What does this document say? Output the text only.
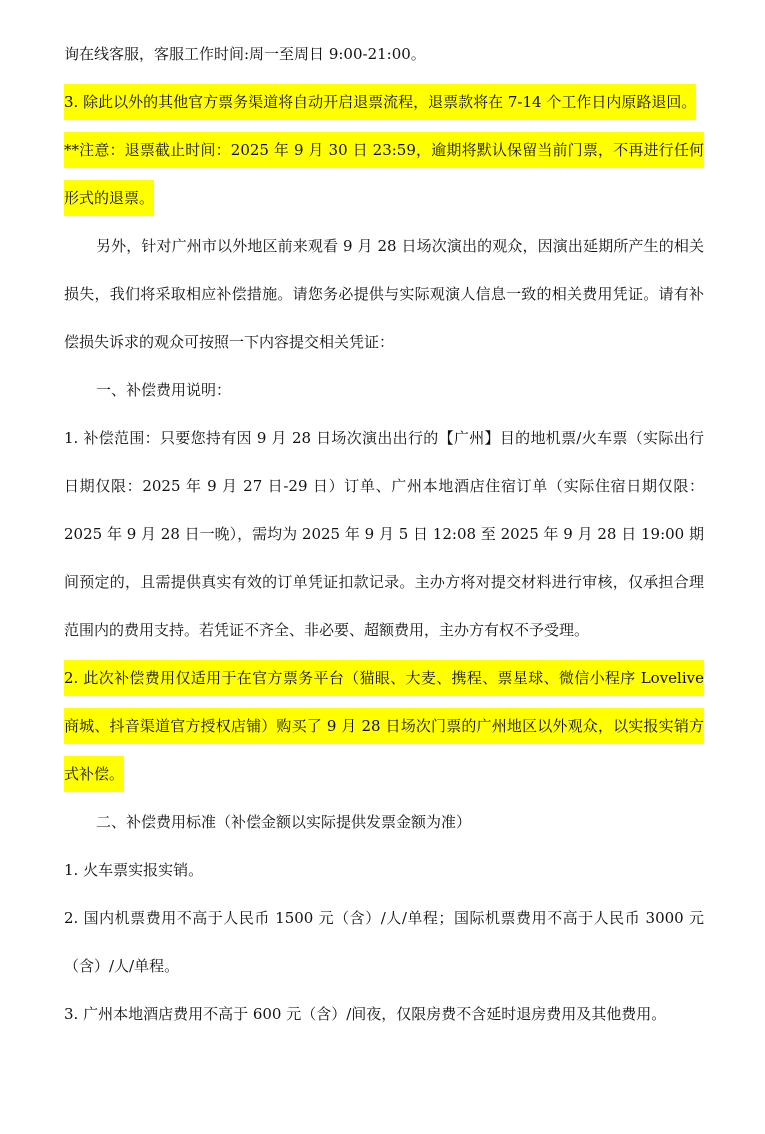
询在线客服，客服工作时间:周一至周日 9:00-21:00。

3. 除此以外的其他官方票务渠道将自动开启退票流程，退票款将在 7-14 个工作日内原路退回。

**注意：退票截止时间：2025 年 9 月 30 日 23:59，逾期将默认保留当前门票，不再进行任何形式的退票。

另外，针对广州市以外地区前来观看 9 月 28 日场次演出的观众，因演出延期所产生的相关损失，我们将采取相应补偿措施。请您务必提供与实际观演人信息一致的相关费用凭证。请有补偿损失诉求的观众可按照一下内容提交相关凭证：

一、补偿费用说明：

1. 补偿范围：只要您持有因 9 月 28 日场次演出出行的【广州】目的地机票/火车票（实际出行日期仅限：2025 年 9 月 27 日-29 日）订单、广州本地酒店住宿订单（实际住宿日期仅限：2025 年 9 月 28 日一晚），需均为 2025 年 9 月 5 日 12:08 至 2025 年 9 月 28 日 19:00 期间预定的，且需提供真实有效的订单凭证扣款记录。主办方将对提交材料进行审核，仅承担合理范围内的费用支持。若凭证不齐全、非必要、超额费用，主办方有权不予受理。

2. 此次补偿费用仅适用于在官方票务平台（猫眼、大麦、携程、票星球、微信小程序 Lovelive 商城、抖音渠道官方授权店铺）购买了 9 月 28 日场次门票的广州地区以外观众，以实报实销方式补偿。

二、补偿费用标准（补偿金额以实际提供发票金额为准）

1. 火车票实报实销。

2. 国内机票费用不高于人民币 1500 元（含）/人/单程；国际机票费用不高于人民币 3000 元（含）/人/单程。

3. 广州本地酒店费用不高于 600 元（含）/间夜，仅限房费不含延时退房费用及其他费用。
